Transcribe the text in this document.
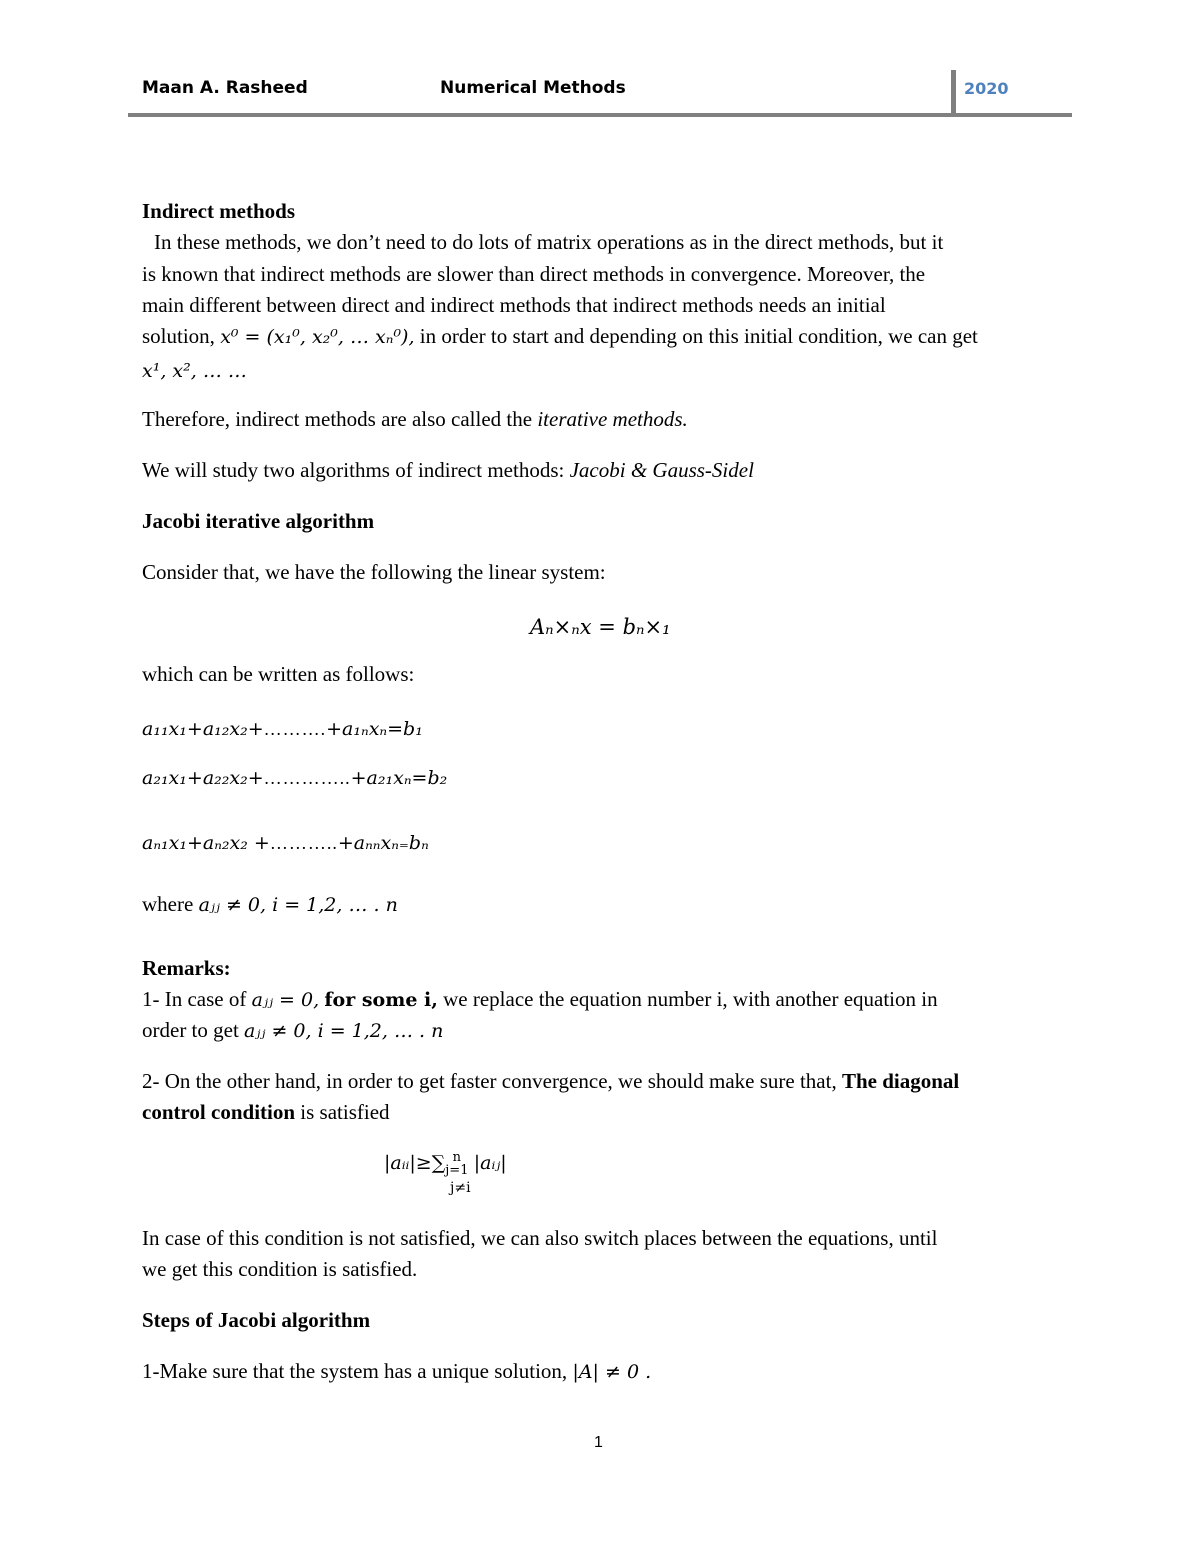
Maan A. Rasheed	Numerical Methods	2020
Indirect methods
In these methods, we don’t need to do lots of matrix operations as in the direct methods, but it
is known that indirect methods are slower than direct methods in convergence. Moreover, the
main different between direct and indirect methods that indirect methods needs an initial
solution, x⁰ = (x₁⁰, x₂⁰, … xₙ⁰), in order to start and depending on this initial condition, we can get
x¹, x², … …
Therefore, indirect methods are also called the iterative methods.
We will study two algorithms of indirect methods: Jacobi & Gauss-Sidel
Jacobi iterative algorithm
Consider that, we have the following the linear system:
Aₙ×ₙx = bₙ×₁
which can be written as follows:
a₁₁x₁+a₁₂x₂+……….+a₁ₙxₙ=b₁
a₂₁x₁+a₂₂x₂+…………..+a₂₁xₙ=b₂
aₙ₁x₁+aₙ₂x₂ +………..+aₙₙxₙ₌bₙ
where aⱼⱼ ≠ 0, i = 1,2, … . n
Remarks:
1- In case of aⱼⱼ = 0, for some i, we replace the equation number i, with another equation in
order to get aⱼⱼ ≠ 0, i = 1,2, … . n
2- On the other hand, in order to get faster convergence, we should make sure that, The diagonal
control condition is satisfied
|aᵢᵢ|≥∑ n
j=1 |aᵢⱼ|
j≠i
In case of this condition is not satisfied, we can also switch places between the equations, until
we get this condition is satisfied.
Steps of Jacobi algorithm
1-Make sure that the system has a unique solution, |A| ≠ 0 .
1
